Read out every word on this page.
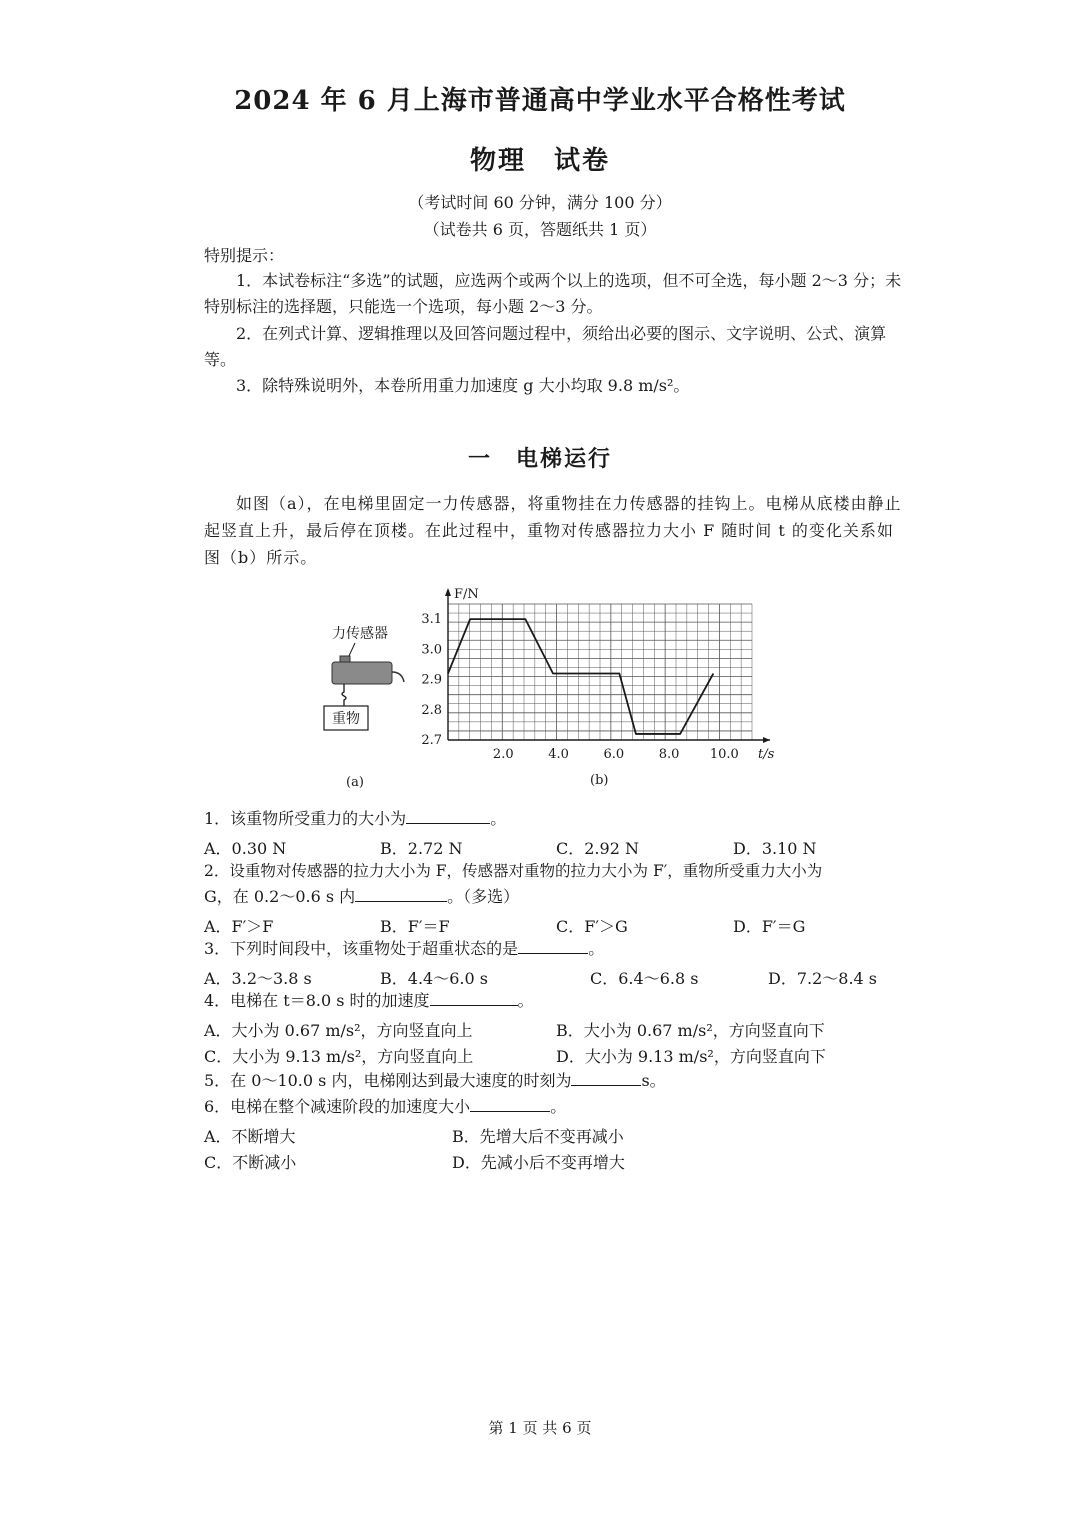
2024 年 6 月上海市普通高中学业水平合格性考试
物理　试卷
（考试时间 60 分钟，满分 100 分）
（试卷共 6 页，答题纸共 1 页）
特别提示：
1．本试卷标注“多选”的试题，应选两个或两个以上的选项，但不可全选，每小题 2～3 分；未特别标注的选择题，只能选一个选项，每小题 2～3 分。
2．在列式计算、逻辑推理以及回答问题过程中，须给出必要的图示、文字说明、公式、演算等。
3．除特殊说明外，本卷所用重力加速度 g 大小均取 9.8 m/s²。
一　电梯运行
如图（a），在电梯里固定一力传感器，将重物挂在力传感器的挂钩上。电梯从底楼由静止起竖直上升，最后停在顶楼。在此过程中，重物对传感器拉力大小 F 随时间 t 的变化关系如图（b）所示。
力传感器
重物
(a)
2.0	4.0	6.0	8.0 10.0
2.7
2.8
2.9
3.0
3.1
F/N
t/s
(b)
1．该重物所受重力的大小为	。
A．0.30 N	B．2.72 N	C．2.92 N	D．3.10 N
2．设重物对传感器的拉力大小为 F，传感器对重物的拉力大小为 F′，重物所受重力大小为
G，在 0.2～0.6 s 内	。（多选）
A．F′＞F	B．F′＝F	C．F′＞G	D．F′＝G
3．下列时间段中，该重物处于超重状态的是	。
A．3.2～3.8 s	B．4.4～6.0 s	C．6.4～6.8 s	D．7.2～8.4 s
4．电梯在 t＝8.0 s 时的加速度	。
A．大小为 0.67 m/s²，方向竖直向上	B．大小为 0.67 m/s²，方向竖直向下
C．大小为 9.13 m/s²，方向竖直向上	D．大小为 9.13 m/s²，方向竖直向下
5．在 0～10.0 s 内，电梯刚达到最大速度的时刻为	s。
6．电梯在整个减速阶段的加速度大小	。
A．不断增大	B．先增大后不变再减小
C．不断减小	D．先减小后不变再增大
第 1 页 共 6 页
